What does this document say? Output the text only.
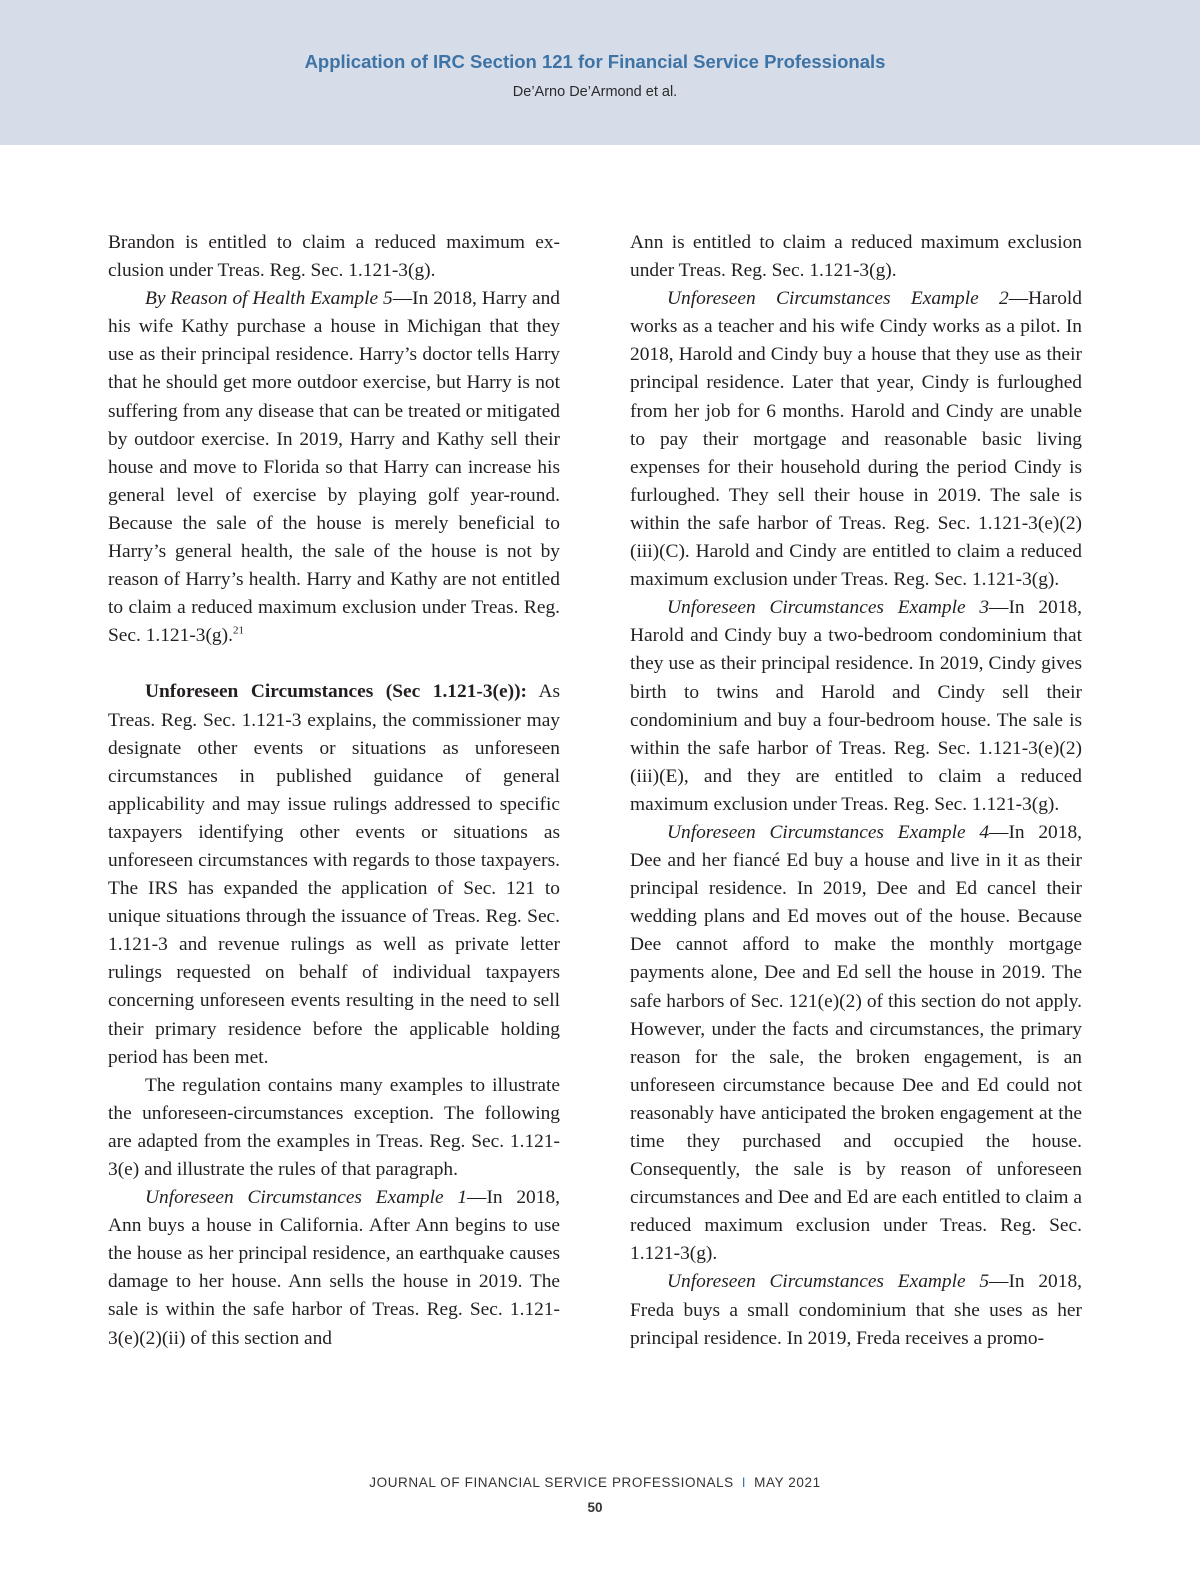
Application of IRC Section 121 for Financial Service Professionals
De’Arno De’Armond et al.

Brandon is entitled to claim a reduced maximum exclusion under Treas. Reg. Sec. 1.121-3(g).

By Reason of Health Example 5—In 2018, Harry and his wife Kathy purchase a house in Michigan that they use as their principal residence. Harry’s doctor tells Harry that he should get more outdoor exercise, but Harry is not suffering from any disease that can be treated or mitigated by outdoor exercise. In 2019, Harry and Kathy sell their house and move to Florida so that Harry can increase his general level of exercise by playing golf year-round. Because the sale of the house is merely beneficial to Harry’s general health, the sale of the house is not by reason of Harry’s health. Harry and Kathy are not entitled to claim a reduced maximum exclusion under Treas. Reg. Sec. 1.121-3(g).$^{21}$

Unforeseen Circumstances (Sec 1.121-3(e)): As Treas. Reg. Sec. 1.121-3 explains, the commissioner may designate other events or situations as unforeseen circumstances in published guidance of general applicability and may issue rulings addressed to specific taxpayers identifying other events or situations as unforeseen circumstances with regards to those taxpayers. The IRS has expanded the application of Sec. 121 to unique situations through the issuance of Treas. Reg. Sec. 1.121-3 and revenue rulings as well as private letter rulings requested on behalf of individual taxpayers concerning unforeseen events resulting in the need to sell their primary residence before the applicable holding period has been met.

The regulation contains many examples to illustrate the unforeseen-circumstances exception. The following are adapted from the examples in Treas. Reg. Sec. 1.121-3(e) and illustrate the rules of that paragraph.

Unforeseen Circumstances Example 1—In 2018, Ann buys a house in California. After Ann begins to use the house as her principal residence, an earthquake causes damage to her house. Ann sells the house in 2019. The sale is within the safe harbor of Treas. Reg. Sec. 1.121-3(e)(2)(ii) of this section and

Ann is entitled to claim a reduced maximum exclusion under Treas. Reg. Sec. 1.121-3(g).

Unforeseen Circumstances Example 2—Harold works as a teacher and his wife Cindy works as a pilot. In 2018, Harold and Cindy buy a house that they use as their principal residence. Later that year, Cindy is furloughed from her job for 6 months. Harold and Cindy are unable to pay their mortgage and reasonable basic living expenses for their household during the period Cindy is furloughed. They sell their house in 2019. The sale is within the safe harbor of Treas. Reg. Sec. 1.121-3(e)(2)(iii)(C). Harold and Cindy are entitled to claim a reduced maximum exclusion under Treas. Reg. Sec. 1.121-3(g).

Unforeseen Circumstances Example 3—In 2018, Harold and Cindy buy a two-bedroom condominium that they use as their principal residence. In 2019, Cindy gives birth to twins and Harold and Cindy sell their condominium and buy a four-bedroom house. The sale is within the safe harbor of Treas. Reg. Sec. 1.121-3(e)(2)(iii)(E), and they are entitled to claim a reduced maximum exclusion under Treas. Reg. Sec. 1.121-3(g).

Unforeseen Circumstances Example 4—In 2018, Dee and her fiancé Ed buy a house and live in it as their principal residence. In 2019, Dee and Ed cancel their wedding plans and Ed moves out of the house. Because Dee cannot afford to make the monthly mortgage payments alone, Dee and Ed sell the house in 2019. The safe harbors of Sec. 121(e)(2) of this section do not apply. However, under the facts and circumstances, the primary reason for the sale, the broken engagement, is an unforeseen circumstance because Dee and Ed could not reasonably have anticipated the broken engagement at the time they purchased and occupied the house. Consequently, the sale is by reason of unforeseen circumstances and Dee and Ed are each entitled to claim a reduced maximum exclusion under Treas. Reg. Sec. 1.121-3(g).

Unforeseen Circumstances Example 5—In 2018, Freda buys a small condominium that she uses as her principal residence. In 2019, Freda receives a promo-

JOURNAL OF FINANCIAL SERVICE PROFESSIONALS I MAY 2021
50
